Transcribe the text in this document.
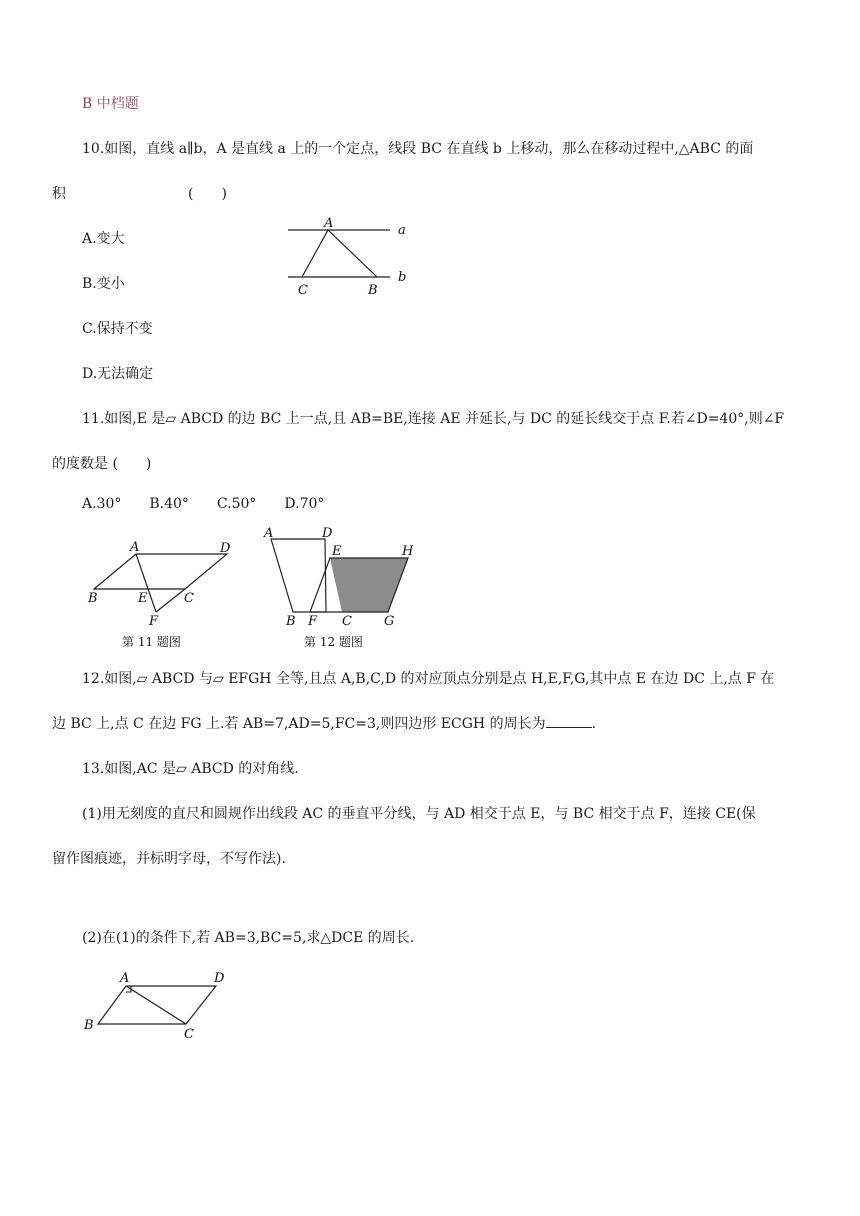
B 中档题
10.如图，直线 a∥b，A 是直线 a 上的一个定点，线段 BC 在直线 b 上移动，那么在移动过程中,△ABC 的面
积	(　　)
A.变大
B.变小
C.保持不变
D.无法确定
A	a
b
C	B
11.如图,E 是▱ ABCD 的边 BC 上一点,且 AB=BE,连接 AE 并延长,与 DC 的延长线交于点 F.若∠D=40°,则∠F
的度数是 (　　)
A.30°　　B.40°　　C.50°　　D.70°
A	D
B	E	C
F
第 11 题图
A	D
E	H
B F C G
第 12 题图
12.如图,▱ ABCD 与▱ EFGH 全等,且点 A,B,C,D 的对应顶点分别是点 H,E,F,G,其中点 E 在边 DC 上,点 F 在
边 BC 上,点 C 在边 FG 上.若 AB=7,AD=5,FC=3,则四边形 ECGH 的周长为	.
13.如图,AC 是▱ ABCD 的对角线.
(1)用无刻度的直尺和圆规作出线段 AC 的垂直平分线，与 AD 相交于点 E，与 BC 相交于点 F，连接 CE(保
留作图痕迹，并标明字母，不写作法).
(2)在(1)的条件下,若 AB=3,BC=5,求△DCE 的周长.
A	D
B
C
